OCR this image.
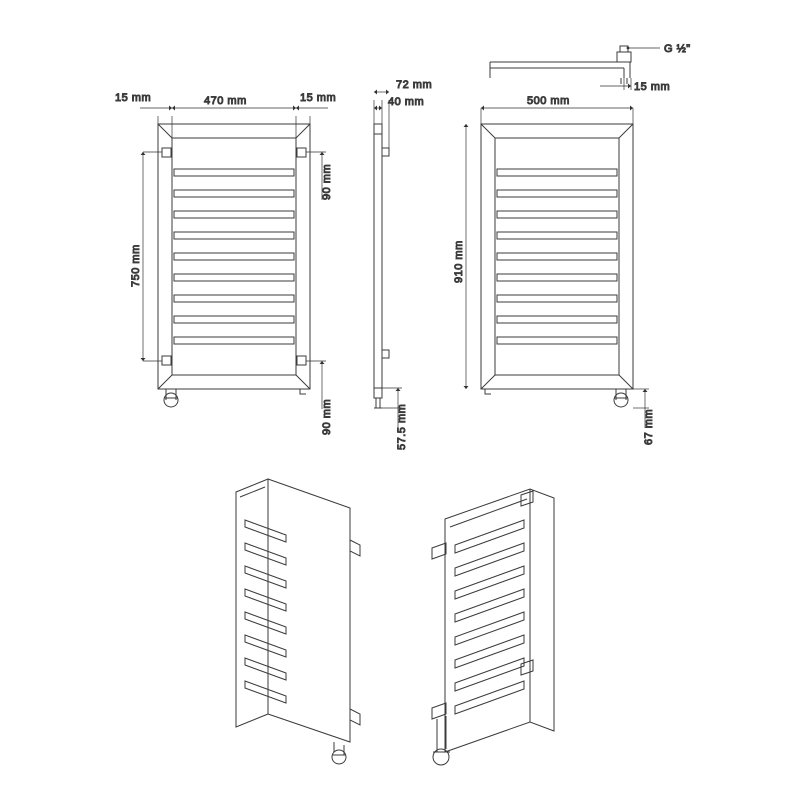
15 mm	470 mm	15 mm
750 mm
90 mm
90 mm
72 mm
40 mm
57.5 mm
500 mm
910 mm
67 mm
G ½"
15 mm
